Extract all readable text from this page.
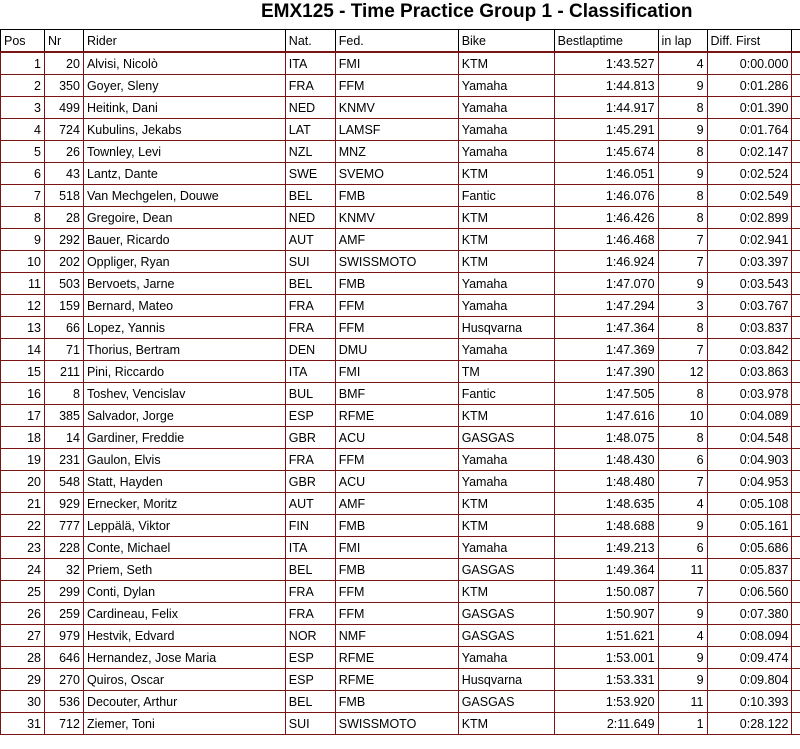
EMX125 - Time Practice Group 1 - Classification
Pos	Nr	Rider	Nat.	Fed.	Bike	Bestlaptime	in lap	Diff. First	
1	20	Alvisi, Nicolò	ITA	FMI	KTM	1:43.527	4	0:00.000	
2	350	Goyer, Sleny	FRA	FFM	Yamaha	1:44.813	9	0:01.286	
3	499	Heitink, Dani	NED	KNMV	Yamaha	1:44.917	8	0:01.390	
4	724	Kubulins, Jekabs	LAT	LAMSF	Yamaha	1:45.291	9	0:01.764	
5	26	Townley, Levi	NZL	MNZ	Yamaha	1:45.674	8	0:02.147	
6	43	Lantz, Dante	SWE	SVEMO	KTM	1:46.051	9	0:02.524	
7	518	Van Mechgelen, Douwe	BEL	FMB	Fantic	1:46.076	8	0:02.549	
8	28	Gregoire, Dean	NED	KNMV	KTM	1:46.426	8	0:02.899	
9	292	Bauer, Ricardo	AUT	AMF	KTM	1:46.468	7	0:02.941	
10	202	Oppliger, Ryan	SUI	SWISSMOTO	KTM	1:46.924	7	0:03.397	
11	503	Bervoets, Jarne	BEL	FMB	Yamaha	1:47.070	9	0:03.543	
12	159	Bernard, Mateo	FRA	FFM	Yamaha	1:47.294	3	0:03.767	
13	66	Lopez, Yannis	FRA	FFM	Husqvarna	1:47.364	8	0:03.837	
14	71	Thorius, Bertram	DEN	DMU	Yamaha	1:47.369	7	0:03.842	
15	211	Pini, Riccardo	ITA	FMI	TM	1:47.390	12	0:03.863	
16	8	Toshev, Vencislav	BUL	BMF	Fantic	1:47.505	8	0:03.978	
17	385	Salvador, Jorge	ESP	RFME	KTM	1:47.616	10	0:04.089	
18	14	Gardiner, Freddie	GBR	ACU	GASGAS	1:48.075	8	0:04.548	
19	231	Gaulon, Elvis	FRA	FFM	Yamaha	1:48.430	6	0:04.903	
20	548	Statt, Hayden	GBR	ACU	Yamaha	1:48.480	7	0:04.953	
21	929	Ernecker, Moritz	AUT	AMF	KTM	1:48.635	4	0:05.108	
22	777	Leppälä, Viktor	FIN	FMB	KTM	1:48.688	9	0:05.161	
23	228	Conte, Michael	ITA	FMI	Yamaha	1:49.213	6	0:05.686	
24	32	Priem, Seth	BEL	FMB	GASGAS	1:49.364	11	0:05.837	
25	299	Conti, Dylan	FRA	FFM	KTM	1:50.087	7	0:06.560	
26	259	Cardineau, Felix	FRA	FFM	GASGAS	1:50.907	9	0:07.380	
27	979	Hestvik, Edvard	NOR	NMF	GASGAS	1:51.621	4	0:08.094	
28	646	Hernandez, Jose Maria	ESP	RFME	Yamaha	1:53.001	9	0:09.474	
29	270	Quiros, Oscar	ESP	RFME	Husqvarna	1:53.331	9	0:09.804	
30	536	Decouter, Arthur	BEL	FMB	GASGAS	1:53.920	11	0:10.393	
31	712	Ziemer, Toni	SUI	SWISSMOTO	KTM	2:11.649	1	0:28.122	
